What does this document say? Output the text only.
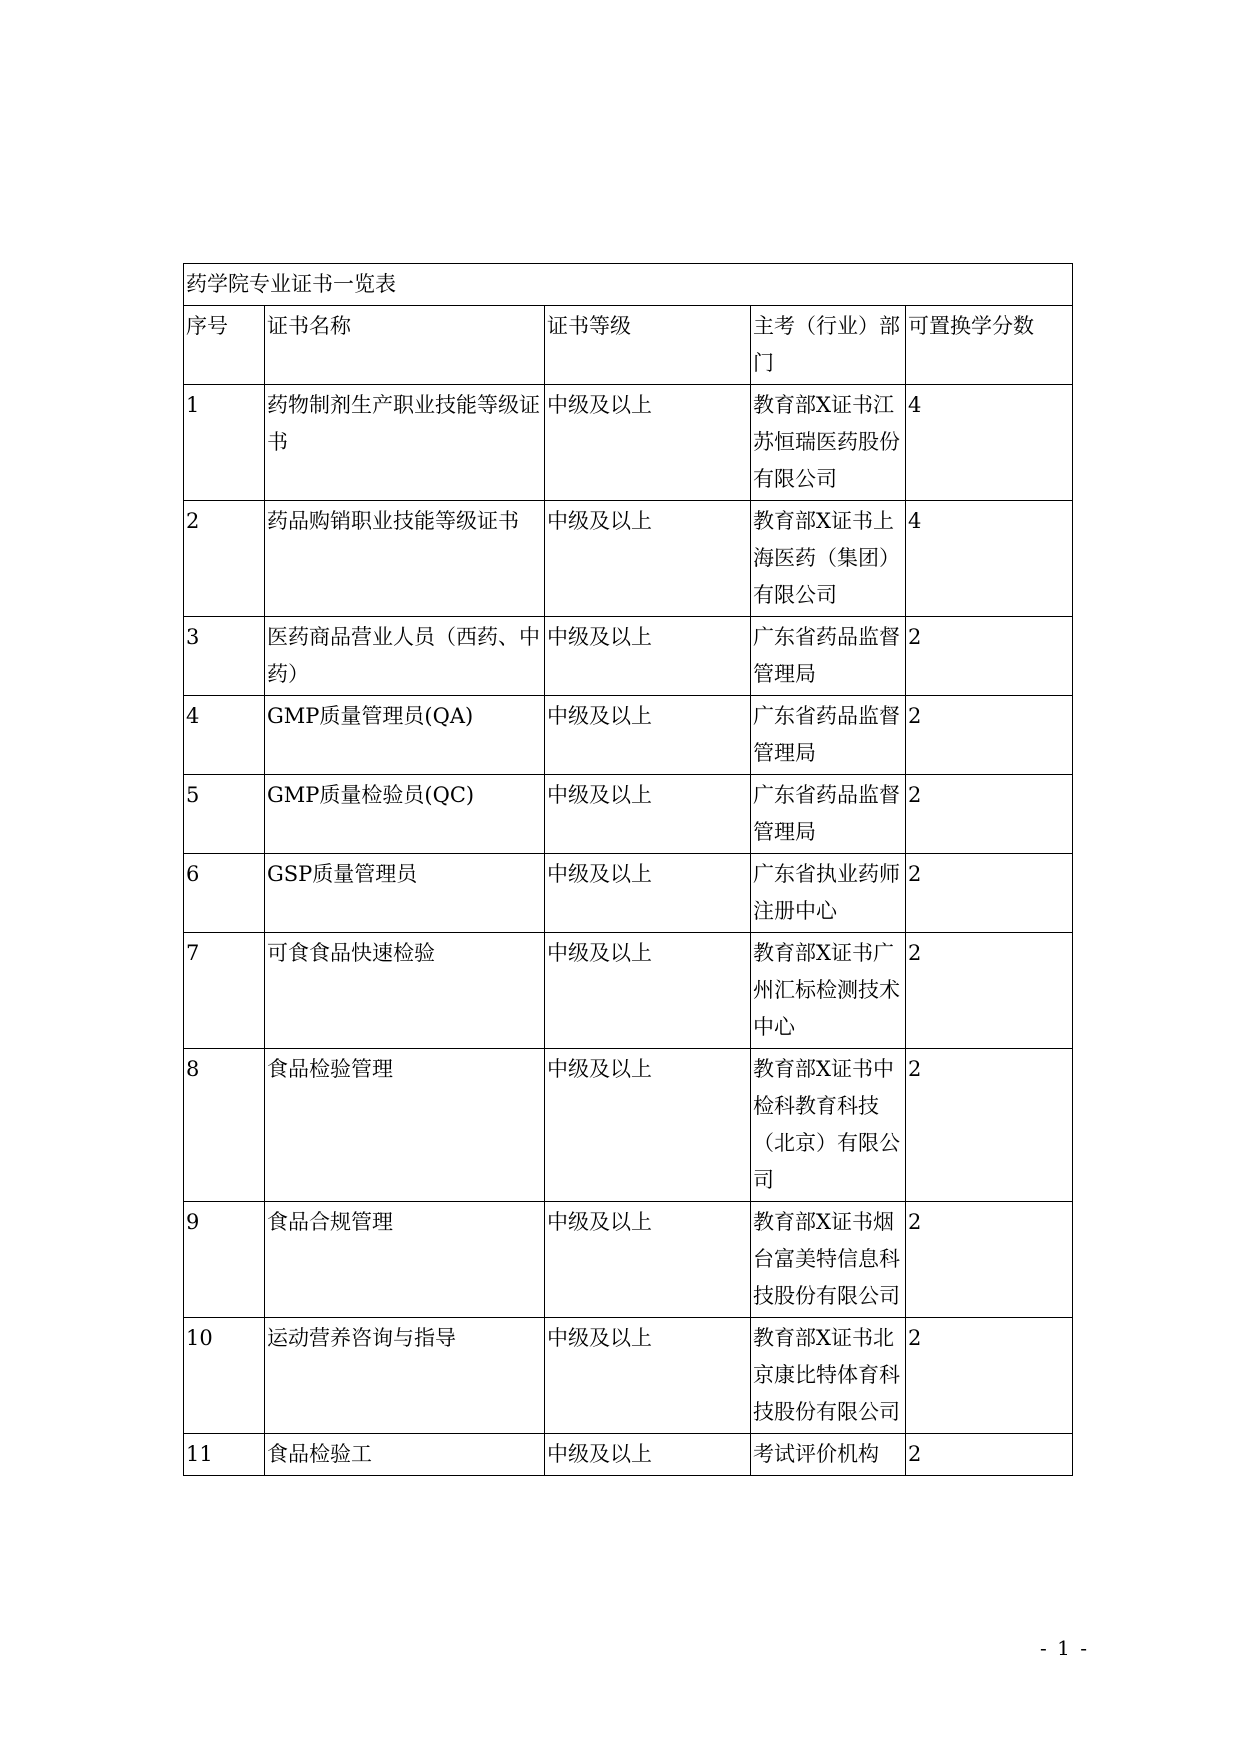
药学院专业证书一览表				
序号	证书名称	证书等级	主考（行业）部门	可置换学分数
1	药物制剂生产职业技能等级证书	中级及以上	教育部X证书江苏恒瑞医药股份有限公司	4
2	药品购销职业技能等级证书	中级及以上	教育部X证书上海医药（集团）有限公司	4
3	医药商品营业人员（西药、中药）	中级及以上	广东省药品监督管理局	2
4	GMP质量管理员(QA)	中级及以上	广东省药品监督管理局	2
5	GMP质量检验员(QC)	中级及以上	广东省药品监督管理局	2
6	GSP质量管理员	中级及以上	广东省执业药师注册中心	2
7	可食食品快速检验	中级及以上	教育部X证书广州汇标检测技术中心	2
8	食品检验管理	中级及以上	教育部X证书中检科教育科技（北京）有限公司	2
9	食品合规管理	中级及以上	教育部X证书烟台富美特信息科技股份有限公司	2
10	运动营养咨询与指导	中级及以上	教育部X证书北京康比特体育科技股份有限公司	2
11	食品检验工	中级及以上	考试评价机构	2
- 1 -
